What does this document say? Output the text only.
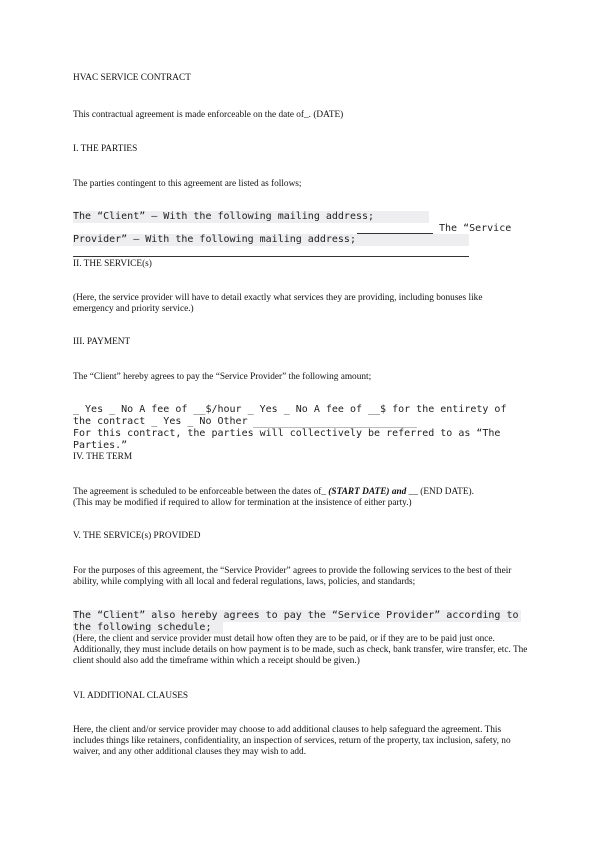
HVAC SERVICE CONTRACT
This contractual agreement is made enforceable on the date of_. (DATE)
I. THE PARTIES
The parties contingent to this agreement are listed as follows;
The “Client” – With the following mailing address;
The “Service
Provider” – With the following mailing address;
II. THE SERVICE(s)
(Here, the service provider will have to detail exactly what services they are providing, including bonuses like emergency and priority service.)
III. PAYMENT
The “Client” hereby agrees to pay the “Service Provider” the following amount;
_ Yes _ No A fee of __$/hour _ Yes _ No A fee of __$ for the entirety of
the contract _ Yes _ No Other
For this contract, the parties will collectively be referred to as “The
Parties.”
IV. THE TERM
The agreement is scheduled to be enforceable between the dates of_ (START DATE) and __ (END DATE).
(This may be modified if required to allow for termination at the insistence of either party.)
V. THE SERVICE(s) PROVIDED
For the purposes of this agreement, the “Service Provider” agrees to provide the following services to the best of their ability, while complying with all local and federal regulations, laws, policies, and standards;
The “Client” also hereby agrees to pay the “Service Provider” according to
the following schedule;
(Here, the client and service provider must detail how often they are to be paid, or if they are to be paid just once. Additionally, they must include details on how payment is to be made, such as check, bank transfer, wire transfer, etc. The client should also add the timeframe within which a receipt should be given.)
VI. ADDITIONAL CLAUSES
Here, the client and/or service provider may choose to add additional clauses to help safeguard the agreement. This includes things like retainers, confidentiality, an inspection of services, return of the property, tax inclusion, safety, no waiver, and any other additional clauses they may wish to add.
